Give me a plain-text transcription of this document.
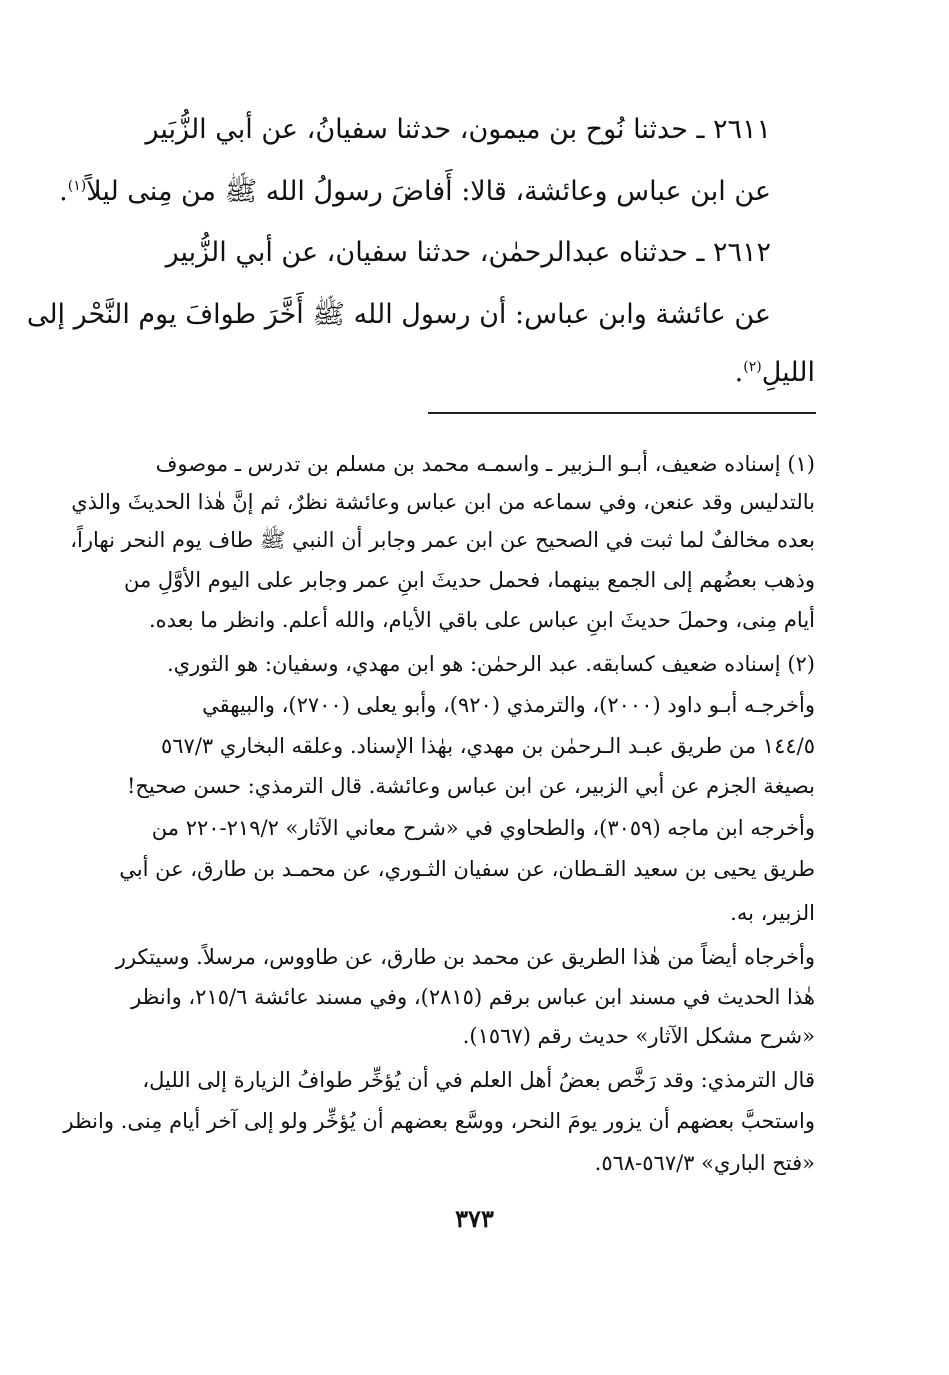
٢٦١١ ـ حدثنا نُوح بن ميمون، حدثنا سفيانُ، عن أبي الزُّبَير
عن ابن عباس وعائشة، قالا: أَفاضَ رسولُ الله ﷺ من مِنى ليلاً$^{(١)}$.
٢٦١٢ ـ حدثناه عبدالرحمٰن، حدثنا سفيان، عن أبي الزُّبير
عن عائشة وابن عباس: أن رسول الله ﷺ أَخَّرَ طوافَ يوم النَّحْر إلى
الليلِ$^{(٢)}$.
(١) إسناده ضعيف، أبـو الـزبير ـ واسمـه محمد بن مسلم بن تدرس ـ موصوف
بالتدليس وقد عنعن، وفي سماعه من ابن عباس وعائشة نظرٌ، ثم إنَّ هٰذا الحديثَ والذي
بعده مخالفٌ لما ثبت في الصحيح عن ابن عمر وجابر أن النبي ﷺ طاف يوم النحر نهاراً،
وذهب بعضُهم إلى الجمع بينهما، فحمل حديثَ ابنِ عمر وجابر على اليوم الأوَّلِ من
أيام مِنى، وحملَ حديثَ ابنِ عباس على باقي الأيام، والله أعلم. وانظر ما بعده.
(٢) إسناده ضعيف كسابقه. عبد الرحمٰن: هو ابن مهدي، وسفيان: هو الثوري.
وأخرجـه أبـو داود (٢٠٠٠)، والترمذي (٩٢٠)، وأبو يعلى (٢٧٠٠)، والبيهقي
١٤٤/٥ من طريق عبـد الـرحمٰن بن مهدي، بهٰذا الإسناد. وعلقه البخاري ٥٦٧/٣
بصيغة الجزم عن أبي الزبير، عن ابن عباس وعائشة. قال الترمذي: حسن صحيح!
وأخرجه ابن ماجه (٣٠٥٩)، والطحاوي في «شرح معاني الآثار» ٢١٩/٢-٢٢٠ من
طريق يحيى بن سعيد القـطان، عن سفيان الثـوري، عن محمـد بن طارق، عن أبي
الزبير، به.
وأخرجاه أيضاً من هٰذا الطريق عن محمد بن طارق، عن طاووس، مرسلاً. وسيتكرر
هٰذا الحديث في مسند ابن عباس برقم (٢٨١٥)، وفي مسند عائشة ٢١٥/٦، وانظر
«شرح مشكل الآثار» حديث رقم (١٥٦٧).
قال الترمذي: وقد رَخَّص بعضُ أهل العلم في أن يُؤخِّر طوافُ الزيارة إلى الليل،
واستحبَّ بعضهم أن يزور يومَ النحر، ووسَّع بعضهم أن يُؤخِّر ولو إلى آخر أيام مِنى. وانظر
«فتح الباري» ٥٦٧/٣-٥٦٨.
٣٧٣
